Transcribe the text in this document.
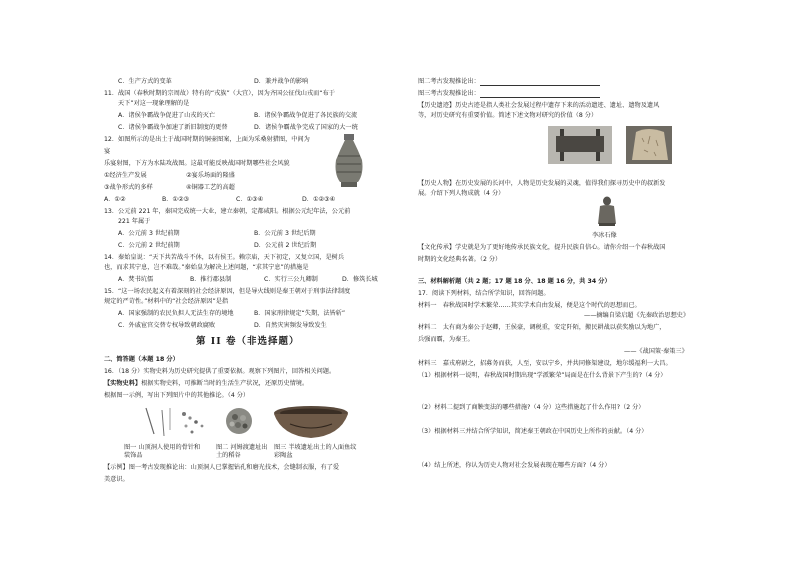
C．生产方式的变革	D．兼并战争的影响
11．战国（春秋时期的宗周故）特有的“戎族”（大宜），因为齐国公征伐山戎而“布于
天下”对这一现象理解的是
A．诸侯争霸战争促进了山戎的灭亡	B．诸侯争霸战争促进了各民族的交流
C．诸侯争霸战争加速了新旧制度的更替	D．诸侯争霸战争完成了国家的大一统
12．如图所示的是出土于战国时期的铜壶图案，上面为采桑射猎图，中间为
宴
乐宴射图，下方为水陆攻战图。这最可能反映战国时期哪些社会风貌
①经济生产发展	②宴乐场面的隆盛
③战争形式的多样	④铜器工艺的高超
A．①②	B．①②③	C．①③④	D．①②③④
13．公元前 221 年，秦国完成统一大业，建立秦朝，定都咸阳。根据公元纪年法，公元前
221 年属于
A．公元前 3 世纪前期	B．公元前 3 世纪后期
C．公元前 2 世纪前期	D．公元前 2 世纪后期
14．秦始皇说：“天下共苦战斗不休，以有侯王。赖宗庙，天下初定，又复立国，是树兵
也，而求其宁息，岂不难哉。”秦始皇为解决上述问题，“求其宁息”的措施是
A．焚书坑儒	B．推行郡县制	C．实行三公九卿制	D．修筑长城
15．“这一场农民起义有着深刻的社会经济原因，但是导火线则是秦王朝对于刑事法律制度
规定的严苛性。”材料中的“社会经济原因”是指
A．国家强制的农民负担人无法生存的境地	B．国家刑律规定“失期，法皆斩”
C．外戚宦官交替专权导致朝政腐败	D．自然灾害频发导致发生
第 II 卷（非选择题）
二、简答题（本题 18 分）
16．（18 分）实物史料为历史研究提供了重要依据。观察下列图片，回答相关问题。
【实物史料】根据实物史料，可推断当时的生活生产状况，还原历史情境。
根据图一示例，写出下列图片中的其他推论。（4 分）
图一 山顶洞人使用的骨针和装饰品
图二 河姆渡遗址出土的稻谷
图三 半坡遗址出土的人面鱼纹彩陶盆
【示例】图一考古发现推论出：山顶洞人已掌握钻孔和磨光技术，会缝制衣服，有了爱
美意识。
图二考古发现推论出：
图三考古发现推论出：
【历史遗迹】历史古迹是指人类社会发展过程中遗存下来的活动遗迹、遗址、遗物及遗风
等，对历史研究有重要价值。简述下述文物对研究的价值（8 分）
【历史人物】在历史发展的长河中，人物是历史发展的灵魂，值得我们探寻历史中的叔新发
展。介绍下列人物成就（4 分）
李冰石像
【文化传承】学史就是为了更好地传承民族文化，提升民族自信心。请你介绍一个春秋战国
时期的文化经典名著。（2 分）
三、材料解析题（共 2 题；17 题 18 分、18 题 16 分，共 34 分）
17．阅读下列材料，结合所学知识，回答问题。
材料一　春秋战国时学术繁荣……其实学术自由发展，便是这个时代的思想而已。
——摘编自梁启超《先秦政治思想史》
材料二　太有商为秦公于赵卿，王侯豪，调税重，安定阡陌，搬民耕战以获奖励以为地广，
兵强而霸，为秦王。
——《战国策·秦策三》
材料三　嘉戎府尉之，招募务而获，人至，安以宁乡，并共同修渠建设，地尔缓福利一大昌。
（1）根据材料一说明，春秋战国时期出现“学派繁荣”局面是在什么背景下产生的?（4 分）
（2）材料二提到了商鞅变法的哪些措施?（4 分）这些措施起了什么作用?（2 分）
（3）根据材料三并结合所学知识，简述秦王朝政在中国历史上所作的贡献。（4 分）
（4）结上所述，你认为历史人物对社会发展表现在哪些方面?（4 分）
